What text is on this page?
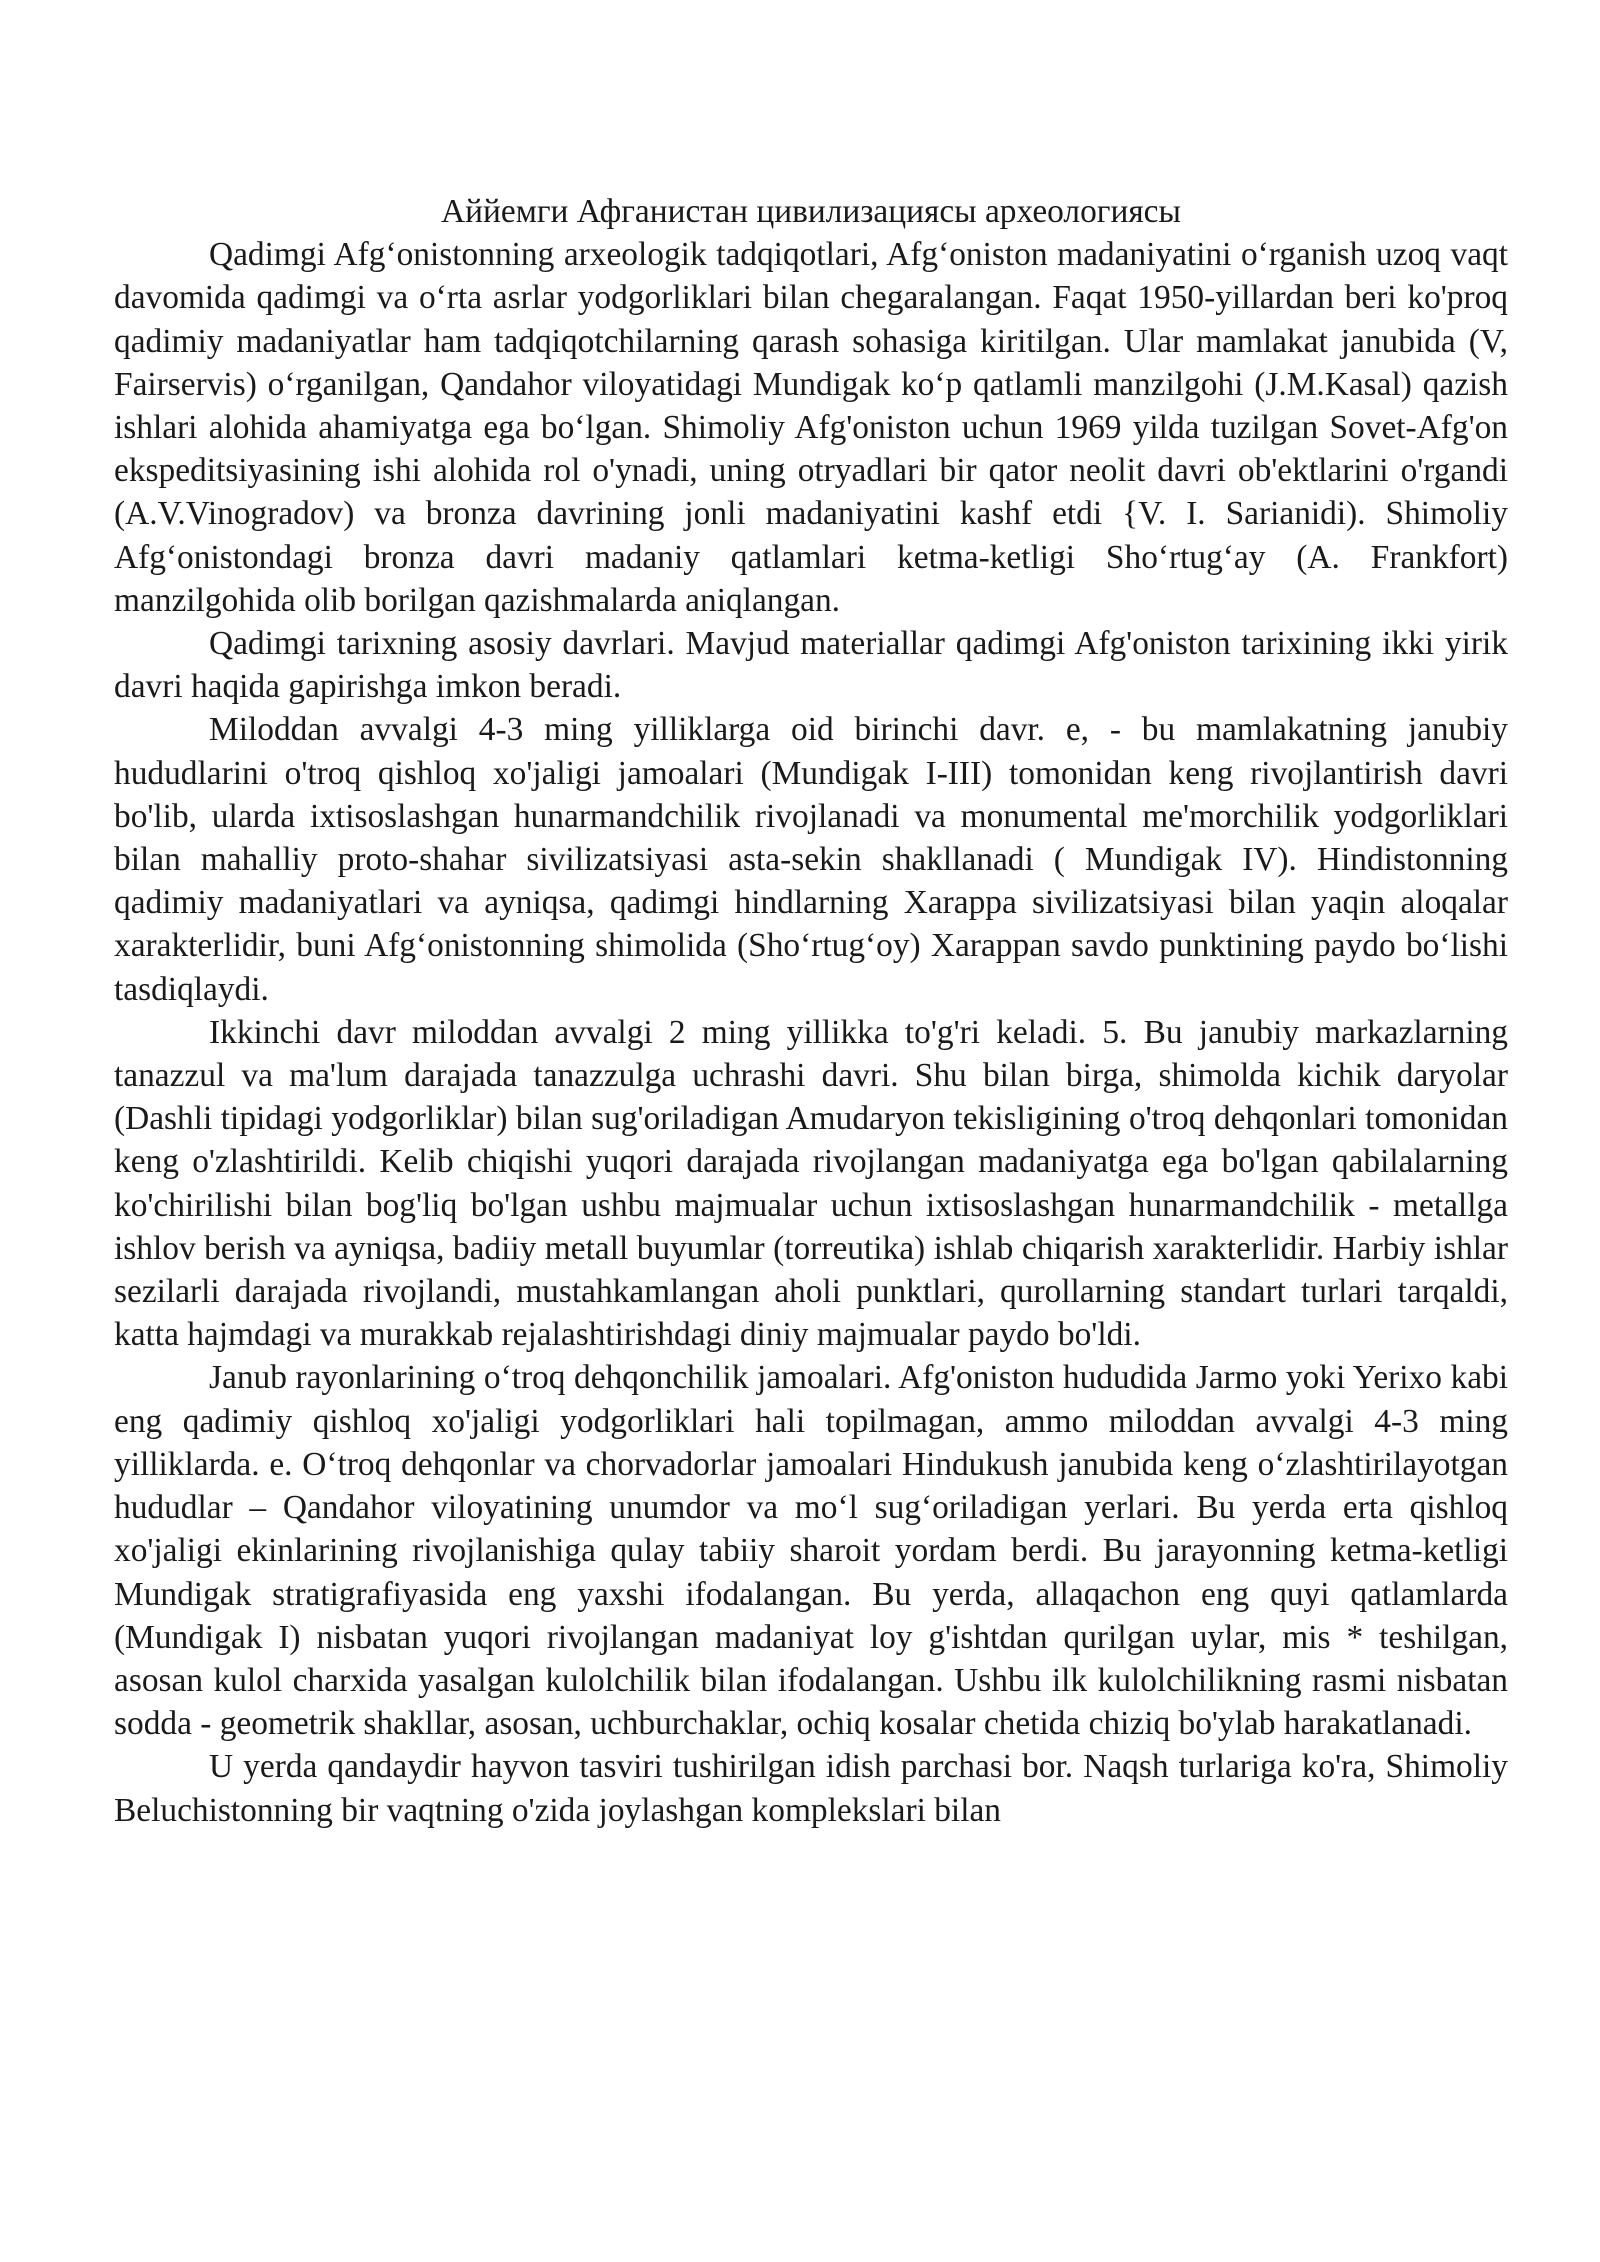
Аййемги Афганистан цивилизациясы археологиясы

Qadimgi Afg‘onistonning arxeologik tadqiqotlari, Afg‘oniston madaniyatini o‘rganish uzoq vaqt davomida qadimgi va o‘rta asrlar yodgorliklari bilan chegaralangan. Faqat 1950-yillardan beri ko'proq qadimiy madaniyatlar ham tadqiqotchilarning qarash sohasiga kiritilgan. Ular mamlakat janubida (V, Fairservis) o‘rganilgan, Qandahor viloyatidagi Mundigak ko‘p qatlamli manzilgohi (J.M.Kasal) qazish ishlari alohida ahamiyatga ega bo‘lgan. Shimoliy Afg'oniston uchun 1969 yilda tuzilgan Sovet-Afg'on ekspeditsiyasining ishi alohida rol o'ynadi, uning otryadlari bir qator neolit davri ob'ektlarini o'rgandi (A.V.Vinogradov) va bronza davrining jonli madaniyatini kashf etdi {V. I. Sarianidi). Shimoliy Afg‘onistondagi bronza davri madaniy qatlamlari ketma-ketligi Sho‘rtug‘ay (A. Frankfort) manzilgohida olib borilgan qazishmalarda aniqlangan.

Qadimgi tarixning asosiy davrlari. Mavjud materiallar qadimgi Afg'oniston tarixining ikki yirik davri haqida gapirishga imkon beradi.

Miloddan avvalgi 4-3 ming yilliklarga oid birinchi davr. e, - bu mamlakatning janubiy hududlarini o'troq qishloq xo'jaligi jamoalari (Mundigak I-III) tomonidan keng rivojlantirish davri bo'lib, ularda ixtisoslashgan hunarmandchilik rivojlanadi va monumental me'morchilik yodgorliklari bilan mahalliy proto-shahar sivilizatsiyasi asta-sekin shakllanadi ( Mundigak IV). Hindistonning qadimiy madaniyatlari va ayniqsa, qadimgi hindlarning Xarappa sivilizatsiyasi bilan yaqin aloqalar xarakterlidir, buni Afg‘onistonning shimolida (Sho‘rtug‘oy) Xarappan savdo punktining paydo bo‘lishi tasdiqlaydi.

Ikkinchi davr miloddan avvalgi 2 ming yillikka to'g'ri keladi. 5. Bu janubiy markazlarning tanazzul va ma'lum darajada tanazzulga uchrashi davri. Shu bilan birga, shimolda kichik daryolar (Dashli tipidagi yodgorliklar) bilan sug'oriladigan Amudaryon tekisligining o'troq dehqonlari tomonidan keng o'zlashtirildi. Kelib chiqishi yuqori darajada rivojlangan madaniyatga ega bo'lgan qabilalarning ko'chirilishi bilan bog'liq bo'lgan ushbu majmualar uchun ixtisoslashgan hunarmandchilik - metallga ishlov berish va ayniqsa, badiiy metall buyumlar (torreutika) ishlab chiqarish xarakterlidir. Harbiy ishlar sezilarli darajada rivojlandi, mustahkamlangan aholi punktlari, qurollarning standart turlari tarqaldi, katta hajmdagi va murakkab rejalashtirishdagi diniy majmualar paydo bo'ldi.

Janub rayonlarining o‘troq dehqonchilik jamoalari. Afg'oniston hududida Jarmo yoki Yerixo kabi eng qadimiy qishloq xo'jaligi yodgorliklari hali topilmagan, ammo miloddan avvalgi 4-3 ming yilliklarda. e. O‘troq dehqonlar va chorvadorlar jamoalari Hindukush janubida keng o‘zlashtirilayotgan hududlar – Qandahor viloyatining unumdor va mo‘l sug‘oriladigan yerlari. Bu yerda erta qishloq xo'jaligi ekinlarining rivojlanishiga qulay tabiiy sharoit yordam berdi. Bu jarayonning ketma-ketligi Mundigak stratigrafiyasida eng yaxshi ifodalangan. Bu yerda, allaqachon eng quyi qatlamlarda (Mundigak I) nisbatan yuqori rivojlangan madaniyat loy g'ishtdan qurilgan uylar, mis * teshilgan, asosan kulol charxida yasalgan kulolchilik bilan ifodalangan. Ushbu ilk kulolchilikning rasmi nisbatan sodda - geometrik shakllar, asosan, uchburchaklar, ochiq kosalar chetida chiziq bo'ylab harakatlanadi.

U yerda qandaydir hayvon tasviri tushirilgan idish parchasi bor. Naqsh turlariga ko'ra, Shimoliy Beluchistonning bir vaqtning o'zida joylashgan komplekslari bilan
